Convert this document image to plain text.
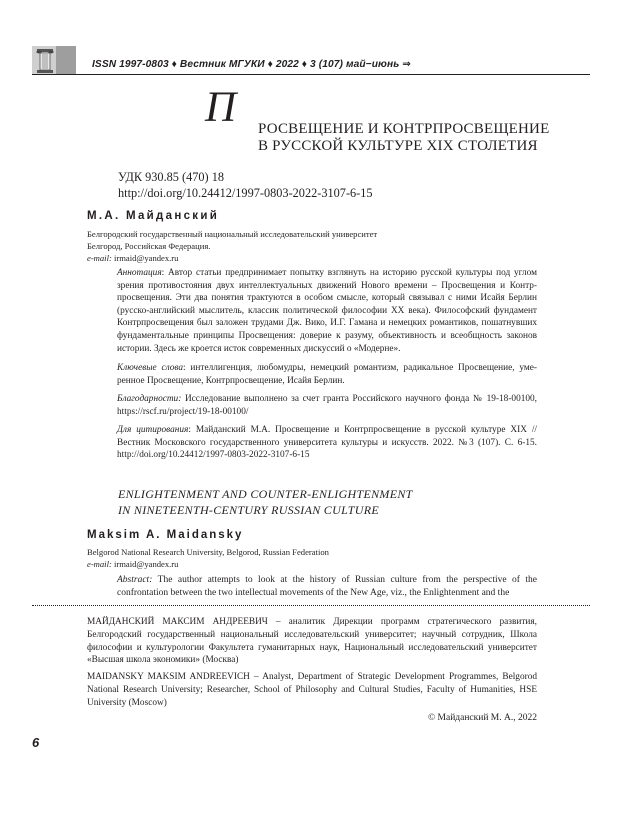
ISSN 1997-0803 ♦ Вестник МГУКИ ♦ 2022 ♦ 3 (107) май−июнь ⇒
П РОСВЕЩЕНИЕ И КОНТРПРОСВЕЩЕНИЕ
В РУССКОЙ КУЛЬТУРЕ XIX СТОЛЕТИЯ
УДК 930.85 (470) 18
http://doi.org/10.24412/1997-0803-2022-3107-6-15
М.А. Майданский
Белгородский государственный национальный исследовательский университет
Белгород, Российская Федерация.
e-mail: irmaid@yandex.ru
Аннотация: Автор статьи предпринимает попытку взглянуть на историю русской культуры под углом зрения противостояния двух интеллектуальных движений Нового времени – Просвещения и Контр-просвещения. Эти два понятия трактуются в особом смысле, который связывал с ними Исайя Берлин (русско-английский мыслитель, классик политической философии ХХ века). Философский фундамент Контрпросвещения был заложен трудами Дж. Вико, И.Г. Гамана и немецких романтиков, пошатнувших фундаментальные принципы Просвещения: доверие к разуму, объективность и всеобщность законов истории. Здесь же кроется исток современных дискуссий о «Модерне».
Ключевые слова: интеллигенция, любомудры, немецкий романтизм, радикальное Просвещение, уме-ренное Просвещение, Контрпросвещение, Исайя Берлин.
Благодарности: Исследование выполнено за счет гранта Российского научного фонда № 19-18-00100, https://rscf.ru/project/19-18-00100/
Для цитирования: Майданский М.А. Просвещение и Контрпросвещение в русской культуре XIX // Вестник Московского государственного университета культуры и искусств. 2022. №3 (107). С. 6-15. http://doi.org/10.24412/1997-0803-2022-3107-6-15
ENLIGHTENMENT AND COUNTER-ENLIGHTENMENT
IN NINETEENTH-CENTURY RUSSIAN CULTURE
Maksim A. Maidansky
Belgorod National Research University, Belgorod, Russian Federation
e-mail: irmaid@yandex.ru
Abstract: The author attempts to look at the history of Russian culture from the perspective of the confrontation between the two intellectual movements of the New Age, viz., the Enlightenment and the
МАЙДАНСКИЙ МАКСИМ АНДРЕЕВИЧ – аналитик Дирекции программ стратегического развития, Белгородский государственный национальный исследовательский университет; научный сотрудник, Школа философии и культурологии Факультета гуманитарных наук, Национальный исследовательский университет «Высшая школа экономики» (Москва)
MAIDANSKY MAKSIM ANDREEVICH – Analyst, Department of Strategic Development Programmes, Belgorod National Research University; Researcher, School of Philosophy and Cultural Studies, Faculty of Humanities, HSE University (Moscow)
© Майданский М. А., 2022
6
